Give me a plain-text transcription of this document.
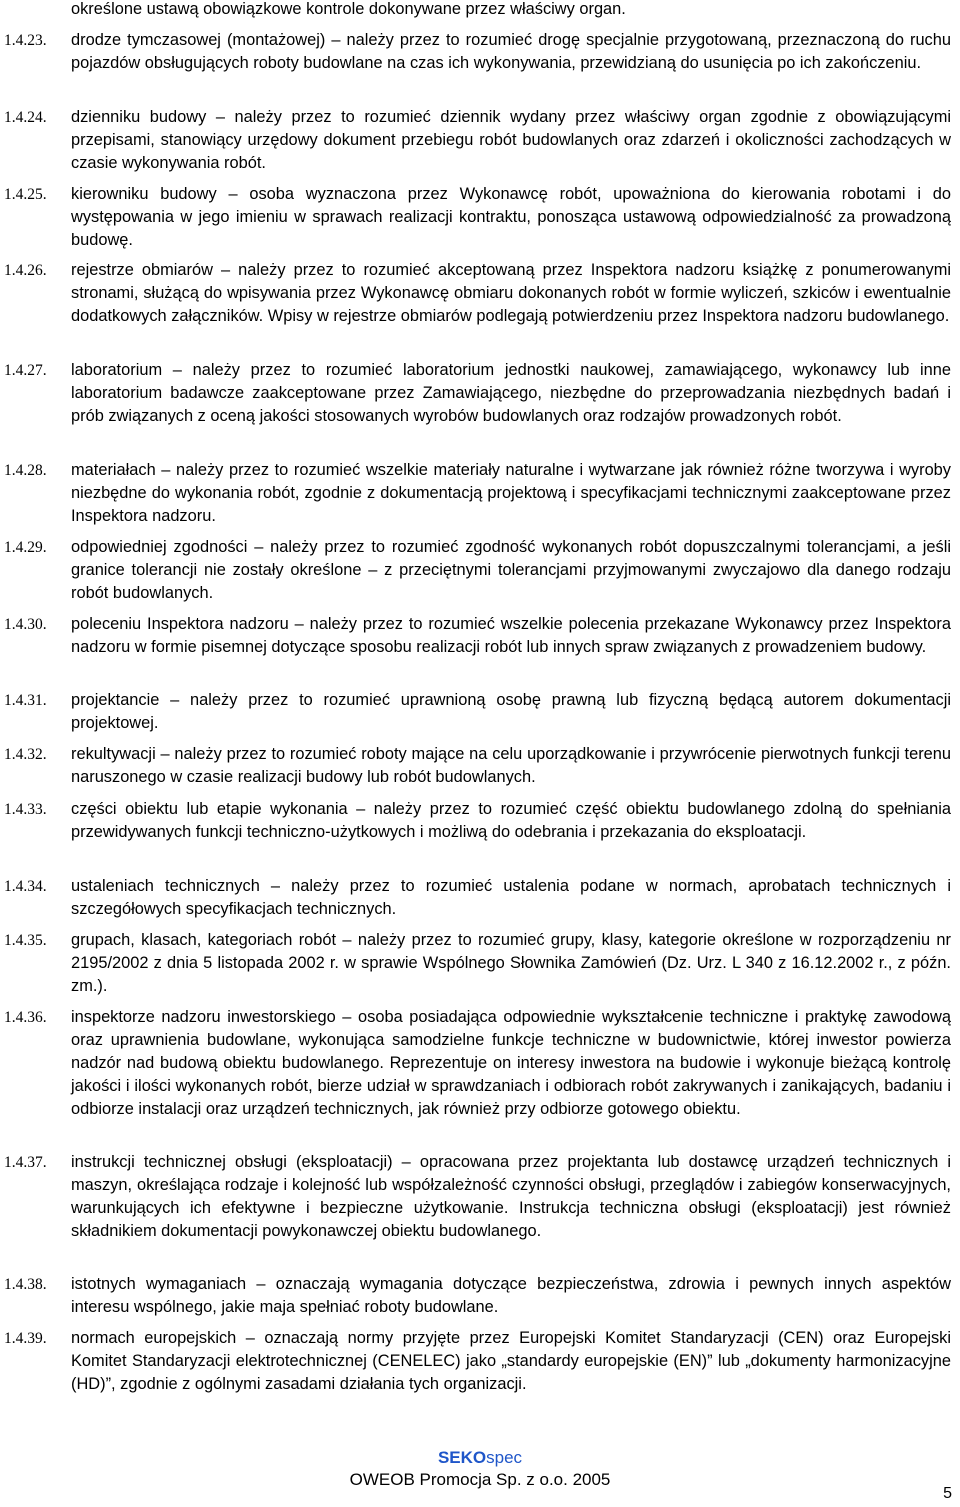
określone ustawą obowiązkowe kontrole dokonywane przez właściwy organ.
1.4.23.	drodze tymczasowej (montażowej) – należy przez to rozumieć drogę specjalnie przygotowaną, przeznaczoną do ruchu pojazdów obsługujących roboty budowlane na czas ich wykonywania, przewidzianą do usunięcia po ich zakończeniu.
1.4.24.	dzienniku budowy – należy przez to rozumieć dziennik wydany przez właściwy organ zgodnie z obowiązującymi przepisami, stanowiący urzędowy dokument przebiegu robót budowlanych oraz zdarzeń i okoliczności zachodzących w czasie wykonywania robót.
1.4.25.	kierowniku budowy – osoba wyznaczona przez Wykonawcę robót, upoważniona do kierowania robotami i do występowania w jego imieniu w sprawach realizacji kontraktu, ponosząca ustawową odpowiedzialność za prowadzoną budowę.
1.4.26.	rejestrze obmiarów – należy przez to rozumieć akceptowaną przez Inspektora nadzoru książkę z ponumerowanymi stronami, służącą do wpisywania przez Wykonawcę obmiaru dokonanych robót w formie wyliczeń, szkiców i ewentualnie dodatkowych załączników. Wpisy w rejestrze obmiarów podlegają potwierdzeniu przez Inspektora nadzoru budowlanego.
1.4.27.	laboratorium – należy przez to rozumieć laboratorium jednostki naukowej, zamawiającego, wykonawcy lub inne laboratorium badawcze zaakceptowane przez Zamawiającego, niezbędne do przeprowadzania niezbędnych badań i prób związanych z oceną jakości stosowanych wyrobów budowlanych oraz rodzajów prowadzonych robót.
1.4.28.	materiałach – należy przez to rozumieć wszelkie materiały naturalne i wytwarzane jak również różne tworzywa i wyroby niezbędne do wykonania robót, zgodnie z dokumentacją projektową i specyfikacjami technicznymi zaakceptowane przez Inspektora nadzoru.
1.4.29.	odpowiedniej zgodności – należy przez to rozumieć zgodność wykonanych robót dopuszczalnymi tolerancjami, a jeśli granice tolerancji nie zostały określone – z przeciętnymi tolerancjami przyjmowanymi zwyczajowo dla danego rodzaju robót budowlanych.
1.4.30.	poleceniu Inspektora nadzoru – należy przez to rozumieć wszelkie polecenia przekazane Wykonawcy przez Inspektora nadzoru w formie pisemnej dotyczące sposobu realizacji robót lub innych spraw związanych z prowadzeniem budowy.
1.4.31.	projektancie – należy przez to rozumieć uprawnioną osobę prawną lub fizyczną będącą autorem dokumentacji projektowej.
1.4.32.	rekultywacji – należy przez to rozumieć roboty mające na celu uporządkowanie i przywrócenie pierwotnych funkcji terenu naruszonego w czasie realizacji budowy lub robót budowlanych.
1.4.33.	części obiektu lub etapie wykonania – należy przez to rozumieć część obiektu budowlanego zdolną do spełniania przewidywanych funkcji techniczno-użytkowych i możliwą do odebrania i przekazania do eksploatacji.
1.4.34.	ustaleniach technicznych – należy przez to rozumieć ustalenia podane w normach, aprobatach technicznych i szczegółowych specyfikacjach technicznych.
1.4.35.	grupach, klasach, kategoriach robót – należy przez to rozumieć grupy, klasy, kategorie określone w rozporządzeniu nr 2195/2002 z dnia 5 listopada 2002 r. w sprawie Wspólnego Słownika Zamówień (Dz. Urz. L 340 z 16.12.2002 r., z późn. zm.).
1.4.36.	inspektorze nadzoru inwestorskiego – osoba posiadająca odpowiednie wykształcenie techniczne i praktykę zawodową oraz uprawnienia budowlane, wykonująca samodzielne funkcje techniczne w budownictwie, której inwestor powierza nadzór nad budową obiektu budowlanego. Reprezentuje on interesy inwestora na budowie i wykonuje bieżącą kontrolę jakości i ilości wykonanych robót, bierze udział w sprawdzaniach i odbiorach robót zakrywanych i zanikających, badaniu i odbiorze instalacji oraz urządzeń technicznych, jak również przy odbiorze gotowego obiektu.
1.4.37.	instrukcji technicznej obsługi (eksploatacji) – opracowana przez projektanta lub dostawcę urządzeń technicznych i maszyn, określająca rodzaje i kolejność lub współzależność czynności obsługi, przeglądów i zabiegów konserwacyjnych, warunkujących ich efektywne i bezpieczne użytkowanie. Instrukcja techniczna obsługi (eksploatacji) jest również składnikiem dokumentacji powykonawczej obiektu budowlanego.
1.4.38.	istotnych wymaganiach – oznaczają wymagania dotyczące bezpieczeństwa, zdrowia i pewnych innych aspektów interesu wspólnego, jakie maja spełniać roboty budowlane.
1.4.39.	normach europejskich – oznaczają normy przyjęte przez Europejski Komitet Standaryzacji (CEN) oraz Europejski Komitet Standaryzacji elektrotechnicznej (CENELEC) jako „standardy europejskie (EN)” lub „dokumenty harmonizacyjne (HD)”, zgodnie z ogólnymi zasadami działania tych organizacji.
SEKOspec
OWEOB Promocja Sp. z o.o. 2005
5
